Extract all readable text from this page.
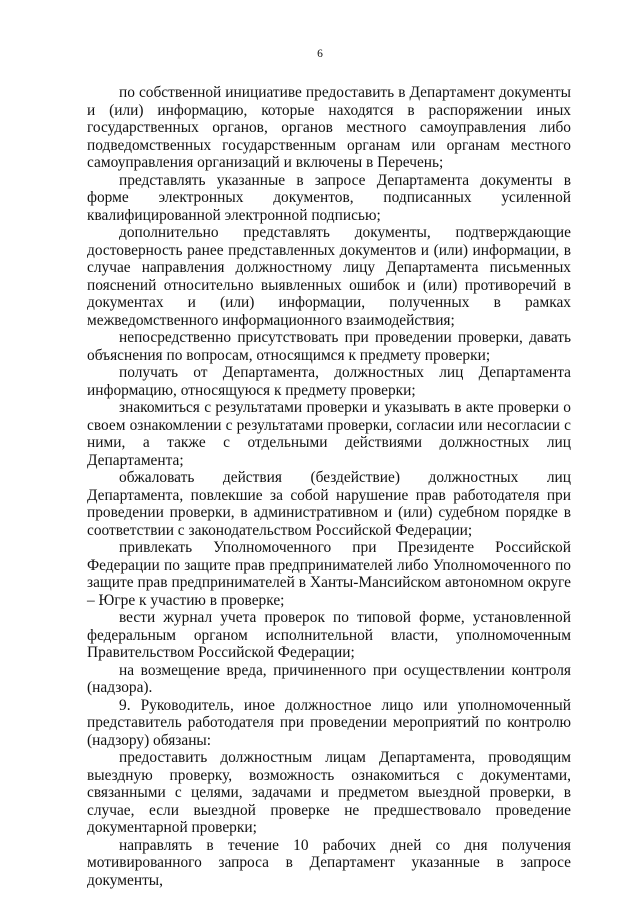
6

по собственной инициативе предоставить в Департамент документы и (или) информацию, которые находятся в распоряжении иных государственных органов, органов местного самоуправления либо подведомственных государственным органам или органам местного самоуправления организаций и включены в Перечень;

представлять указанные в запросе Департамента документы в форме электронных документов, подписанных усиленной квалифицированной электронной подписью;

дополнительно представлять документы, подтверждающие достоверность ранее представленных документов и (или) информации, в случае направления должностному лицу Департамента письменных пояснений относительно выявленных ошибок и (или) противоречий в документах и (или) информации, полученных в рамках межведомственного информационного взаимодействия;

непосредственно присутствовать при проведении проверки, давать объяснения по вопросам, относящимся к предмету проверки;

получать от Департамента, должностных лиц Департамента информацию, относящуюся к предмету проверки;

знакомиться с результатами проверки и указывать в акте проверки о своем ознакомлении с результатами проверки, согласии или несогласии с ними, а также с отдельными действиями должностных лиц Департамента;

обжаловать действия (бездействие) должностных лиц Департамента, повлекшие за собой нарушение прав работодателя при проведении проверки, в административном и (или) судебном порядке в соответствии с законодательством Российской Федерации;

привлекать Уполномоченного при Президенте Российской Федерации по защите прав предпринимателей либо Уполномоченного по защите прав предпринимателей в Ханты-Мансийском автономном округе – Югре к участию в проверке;

вести журнал учета проверок по типовой форме, установленной федеральным органом исполнительной власти, уполномоченным Правительством Российской Федерации;

на возмещение вреда, причиненного при осуществлении контроля (надзора).

9. Руководитель, иное должностное лицо или уполномоченный представитель работодателя при проведении мероприятий по контролю (надзору) обязаны:

предоставить должностным лицам Департамента, проводящим выездную проверку, возможность ознакомиться с документами, связанными с целями, задачами и предметом выездной проверки, в случае, если выездной проверке не предшествовало проведение документарной проверки;

направлять в течение 10 рабочих дней со дня получения мотивированного запроса в Департамент указанные в запросе документы,
